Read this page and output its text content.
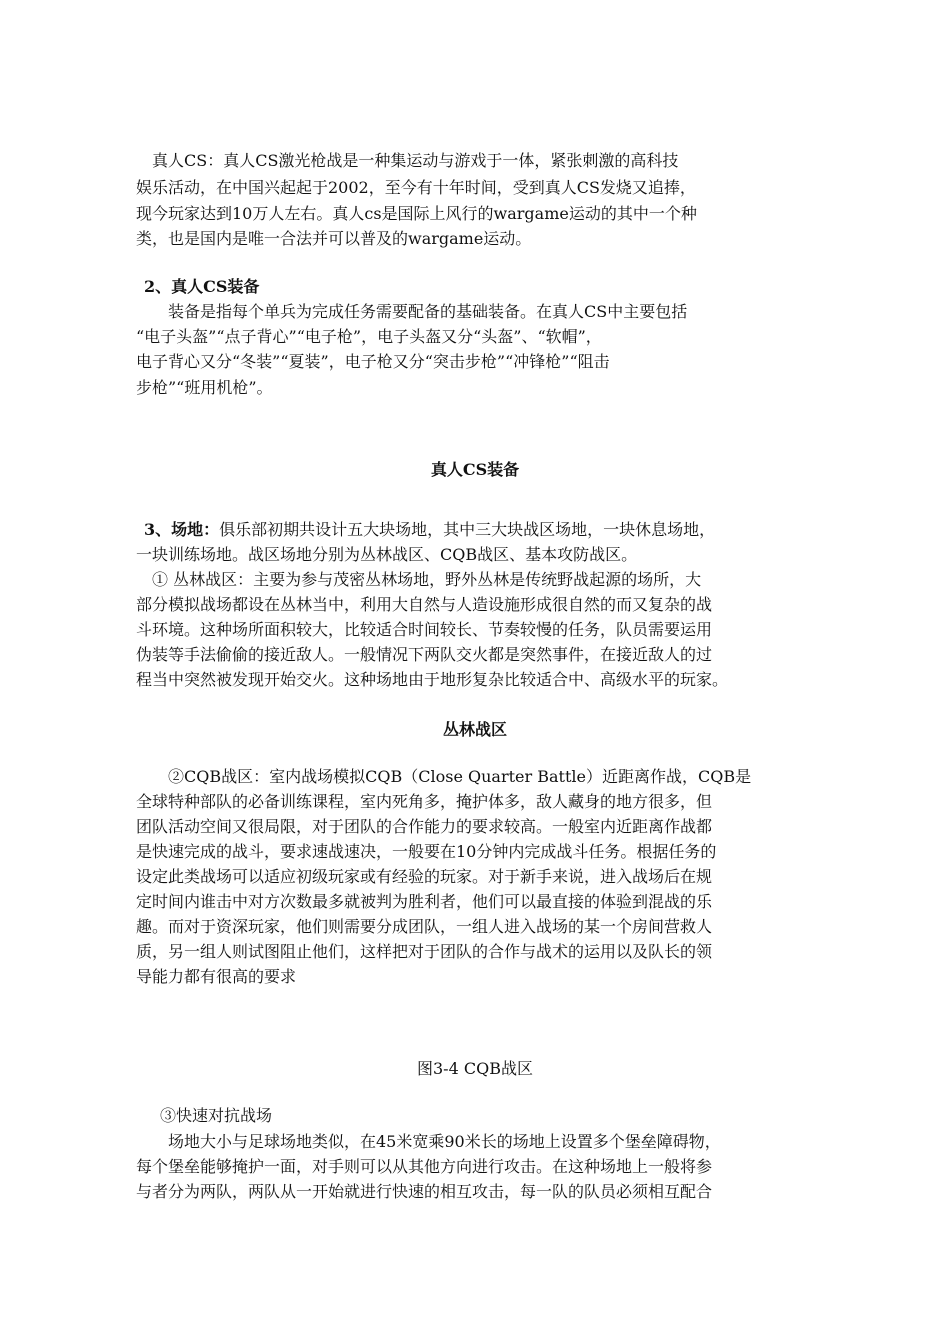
　真人CS：真人CS激光枪战是一种集运动与游戏于一体，紧张刺激的高科技

娱乐活动，在中国兴起起于2002，至今有十年时间，受到真人CS发烧又追捧，

现今玩家达到10万人左右。真人cs是国际上风行的wargame运动的其中一个种

类，也是国内是唯一合法并可以普及的wargame运动。

2、真人CS装备

　　装备是指每个单兵为完成任务需要配备的基础装备。在真人CS中主要包括

“电子头盔”“点子背心”“电子枪”，电子头盔又分“头盔”、“软帽”，

电子背心又分“冬装”“夏装”，电子枪又分“突击步枪”“冲锋枪”“阻击

步枪”“班用机枪”。

真人CS装备

3、场地：俱乐部初期共设计五大块场地，其中三大块战区场地，一块休息场地，

一块训练场地。战区场地分别为丛林战区、CQB战区、基本攻防战区。

　① 丛林战区：主要为参与茂密丛林场地，野外丛林是传统野战起源的场所，大

部分模拟战场都设在丛林当中，利用大自然与人造设施形成很自然的而又复杂的战

斗环境。这种场所面积较大，比较适合时间较长、节奏较慢的任务，队员需要运用

伪装等手法偷偷的接近敌人。一般情况下两队交火都是突然事件，在接近敌人的过

程当中突然被发现开始交火。这种场地由于地形复杂比较适合中、高级水平的玩家。

丛林战区

　　②CQB战区：室内战场模拟CQB（Close Quarter Battle）近距离作战，CQB是

全球特种部队的必备训练课程，室内死角多，掩护体多，敌人藏身的地方很多，但

团队活动空间又很局限，对于团队的合作能力的要求较高。一般室内近距离作战都

是快速完成的战斗，要求速战速决，一般要在10分钟内完成战斗任务。根据任务的

设定此类战场可以适应初级玩家或有经验的玩家。对于新手来说，进入战场后在规

定时间内谁击中对方次数最多就被判为胜利者，他们可以最直接的体验到混战的乐

趣。而对于资深玩家，他们则需要分成团队，一组人进入战场的某一个房间营救人

质，另一组人则试图阻止他们，这样把对于团队的合作与战术的运用以及队长的领

导能力都有很高的要求

图3-4 CQB战区

　③快速对抗战场

　　场地大小与足球场地类似，在45米宽乘90米长的场地上设置多个堡垒障碍物，

每个堡垒能够掩护一面，对手则可以从其他方向进行攻击。在这种场地上一般将参

与者分为两队，两队从一开始就进行快速的相互攻击，每一队的队员必须相互配合
